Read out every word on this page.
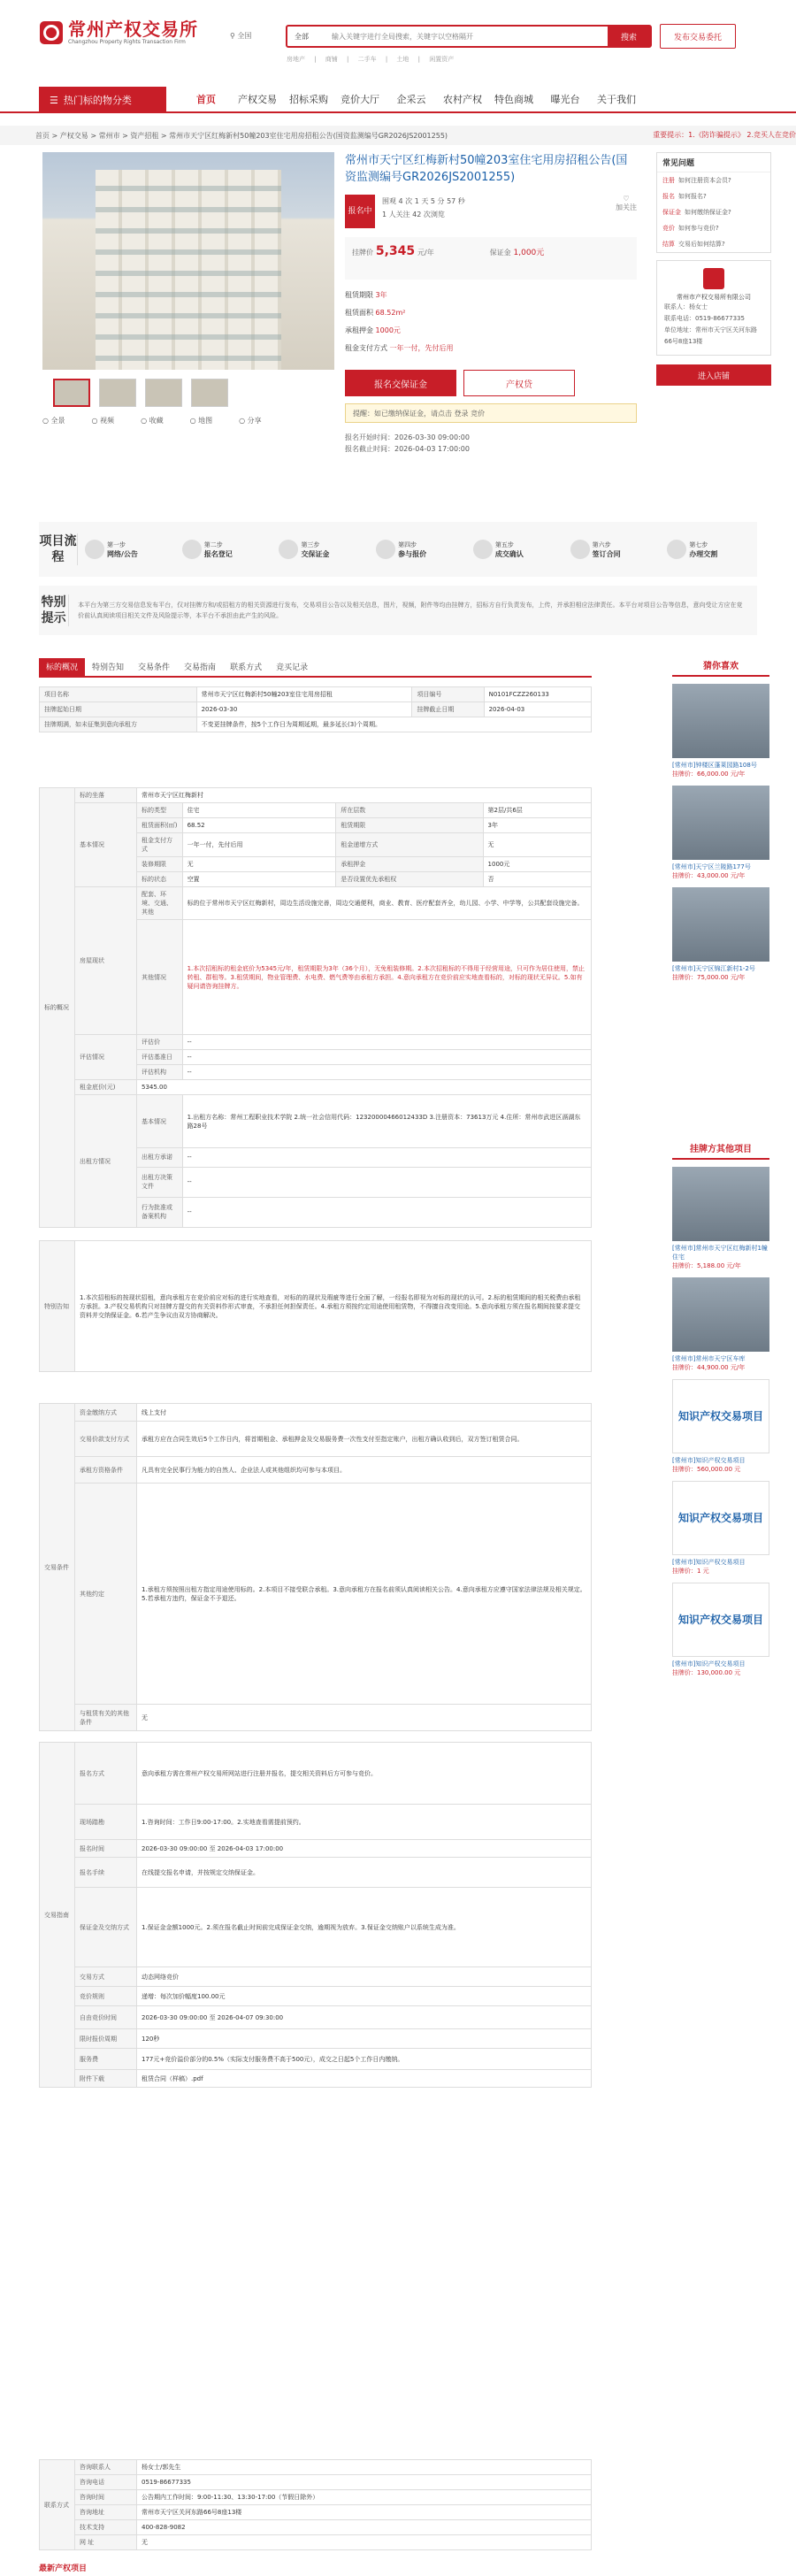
常州产权交易所
Changzhou Property Rights Transaction Firm
⚲ 全国	全部
输入关键字进行全局搜索，关键字以空格隔开	搜索
房地产 | 商铺 | 二手车 | 土地 | 闲置资产
发布交易委托
☰ 热门标的物分类	首页	产权交易	招标采购	竞价大厅	企采云	农村产权	特色商城	曝光台	关于我们
首页 > 产权交易 > 常州市 > 资产招租 > 常州市天宁区红梅新村50幢203室住宅用房招租公告(国资监测编号GR2026JS2001255)	重要提示：1.《防诈骗提示》 2.竞买人在竞价
○ 全景	○ 视频	○ 收藏	○ 地图	○ 分享
常州市天宁区红梅新村50幢203室住宅用房招租公告(国资监测编号GR2026JS2001255)
报名中
围观 4 次 1 天 5 分 57 秒
1 人关注 42 次浏览
♡
加关注
挂牌价 5,345 元/年	保证金 1,000元
租赁期限 3年
租赁面积 68.52m²
承租押金 1000元
租金支付方式 一年一付，先付后用
报名交保证金	产权贷
提醒：如已缴纳保证金，请点击 登录 竞价
报名开始时间：2026-03-30 09:00:00
报名截止时间：2026-04-03 17:00:00
常见问题
注册 如何注册资本会员?
报名 如何报名?
保证金 如何缴纳保证金?
竞价 如何参与竞价?
结算 交易后如何结算?
常州市产权交易所有限公司
联系人：杨女士
联系电话：0519-86677335
单位地址：常州市天宁区关河东路66号8座13楼
进入店铺
项目流程
第一步
网络/公告
第二步
报名登记
第三步
交保证金
第四步
参与报价
第五步
成交确认
第六步
签订合同
第七步
办理交割
特别提示

本平台为第三方交易信息发布平台，仅对挂牌方和/或招租方的相关资源进行发布，交易项目公告以及相关信息，图片，视频，附件等均由挂牌方，招标方自行负责发布，上传，并承担相应法律责任。本平台对项目公告等信息，意向受让方应在竞价前认真阅读项目相关文件及风险提示等，本平台不承担由此产生的风险。

标的概况	特别告知	交易条件	交易指南	联系方式	竞买记录
项目名称	常州市天宁区红梅新村50幢203室住宅用房招租	项目编号	N0101FCZZ260133
挂牌起始日期	2026-03-30	挂牌截止日期	2026-04-03
挂牌期满，如未征集到意向承租方	不变更挂牌条件，按5个工作日为周期延期，最多延长(3)个周期。		
标的概况	标的坐落	常州市天宁区红梅新村			
	基本情况	标的类型	住宅	所在层数	第2层/共6层
		租赁面积(㎡)	68.52	租赁期限	3年
		租金支付方式	一年一付，先付后用	租金递增方式	无
		装修期限	无	承租押金	1000元
		标的状态	空置	是否设置优先承租权	否
	房屋现状	配套、环境、交通、其他	标的位于常州市天宁区红梅新村，周边生活设施完善，周边交通便利，商业、教育、医疗配套齐全，幼儿园、小学、中学等，公共配套设施完备。		
		其他情况	1.本次招租标的租金底价为5345元/年，租赁期限为3年（36个月），无免租装修期。2.本次招租标的不得用于经营用途，只可作为居住使用，禁止转租、群租等。3.租赁期间，物业管理费、水电费、燃气费等由承租方承担。4.意向承租方在竞价前应实地查看标的，对标的现状无异议。5.如有疑问请咨询挂牌方。		
	评估情况	评估价	--		
		评估基准日	--		
		评估机构	--		
	租金底价(元)	5345.00			
	出租方情况	基本情况	1.出租方名称：常州工程职业技术学院 2.统一社会信用代码：12320000466012433D 3.注册资本：73613万元 4.住所：常州市武进区滆湖东路28号		
		出租方承诺	--		
		出租方决策文件	--		
		行为批准或备案机构	--		
特别告知	1.本次招租标的按现状招租，意向承租方在竞价前应对标的进行实地查看，对标的的现状及瑕疵等进行全面了解，一经报名即视为对标的现状的认可。2.标的租赁期间的相关税费由承租方承担。3.产权交易机构只对挂牌方提交的有关资料作形式审查，不承担任何担保责任。4.承租方须按约定用途使用租赁物，不得擅自改变用途。5.意向承租方须在报名期间按要求提交资料并交纳保证金。6.若产生争议由双方协商解决。
交易条件	资金缴纳方式	线上支付
	交易价款支付方式	承租方应在合同生效后5个工作日内，将首期租金、承租押金及交易服务费一次性支付至指定账户，出租方确认收到后，双方签订租赁合同。
	承租方资格条件	凡具有完全民事行为能力的自然人、企业法人或其他组织均可参与本项目。
	其他约定	1.承租方须按照出租方指定用途使用标的。2.本项目不接受联合承租。3.意向承租方在报名前须认真阅读相关公告。4.意向承租方应遵守国家法律法规及相关规定。5.若承租方违约，保证金不予退还。
	与租赁有关的其他条件	无
交易指南	报名方式	意向承租方需在常州产权交易所网站进行注册并报名，提交相关资料后方可参与竞价。
	现场踏勘	1.咨询时间：工作日9:00-17:00。2.实地查看需提前预约。
	报名时间	2026-03-30 09:00:00 至 2026-04-03 17:00:00
	报名手续	在线提交报名申请，并按规定交纳保证金。
	保证金及交纳方式	1.保证金金额1000元。2.须在报名截止时间前完成保证金交纳，逾期视为放弃。3.保证金交纳账户以系统生成为准。
	交易方式	动态网络竞价
	竞价规则	递增：每次加价幅度100.00元
	自由竞价时间	2026-03-30 09:00:00 至 2026-04-07 09:30:00
	限时报价周期	120秒
	服务费	177元+竞价溢价部分的0.5%（实际支付服务费不高于500元），成交之日起5个工作日内缴纳。
	附件下载	租赁合同（样稿）.pdf
联系方式	咨询联系人	杨女士/郭先生
	咨询电话	0519-86677335
	咨询时间	公告期内工作时间：9:00-11:30、13:30-17:00（节假日除外）
	咨询地址	常州市天宁区关河东路66号8座13楼
	技术支持	400-828-9082
	网 址	无
猜你喜欢
[常州市]钟楼区蓬莱园路108号
挂牌价：66,000.00 元/年
[常州市]天宁区兰陵路177号
挂牌价：43,000.00 元/年
[常州市]天宁区锦江新村1-2号
挂牌价：75,000.00 元/年
挂牌方其他项目
[常州市]常州市天宁区红梅新村1幢住宅
挂牌价：5,188.00 元/年
[常州市]常州市天宁区车库
挂牌价：44,900.00 元/年
知识产权交易项目
[常州市]知识产权交易项目
挂牌价：560,000.00 元
知识产权交易项目
[常州市]知识产权交易项目
挂牌价：1 元
知识产权交易项目
[常州市]知识产权交易项目
挂牌价：130,000.00 元
最新产权项目
